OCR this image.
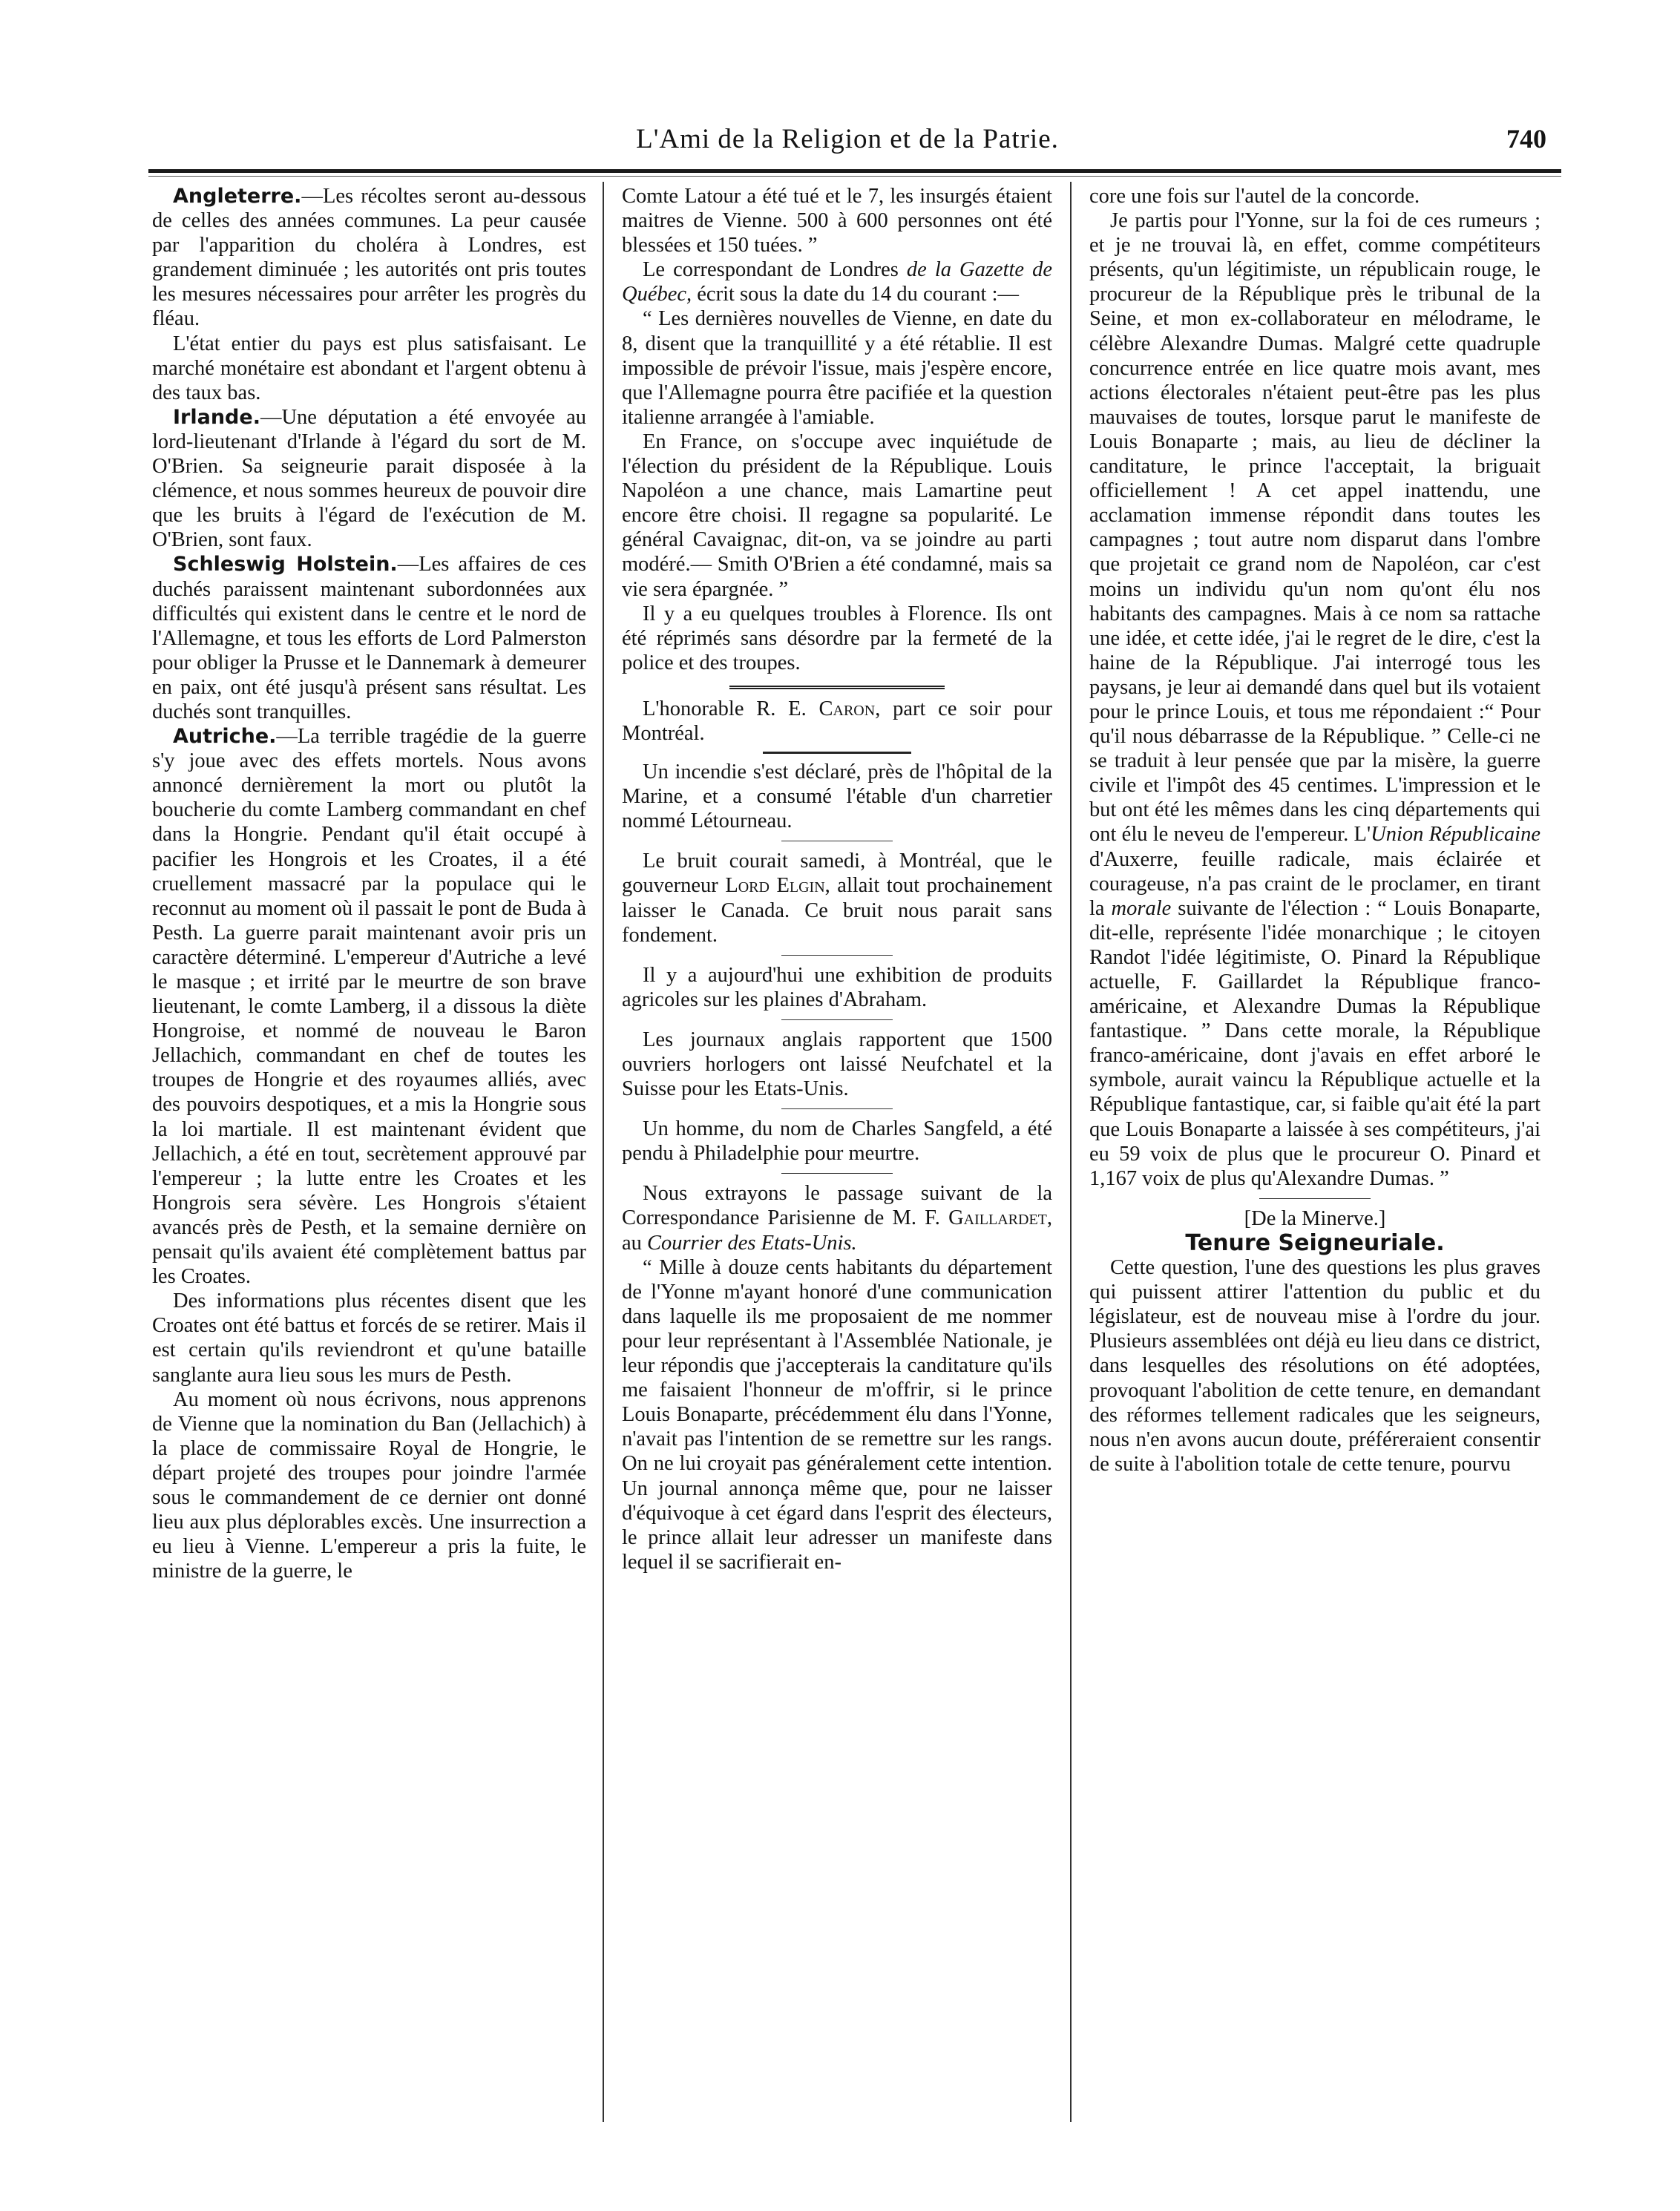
L'Ami de la Religion et de la Patrie.	740

Angleterre.—Les récoltes seront au-dessous de celles des années communes. La peur causée par l'apparition du choléra à Londres, est grandement diminuée ; les autorités ont pris toutes les mesures nécessaires pour arrêter les progrès du fléau.

L'état entier du pays est plus satisfaisant. Le marché monétaire est abondant et l'argent obtenu à des taux bas.

Irlande.—Une députation a été envoyée au lord-lieutenant d'Irlande à l'égard du sort de M. O'Brien. Sa seigneurie parait disposée à la clémence, et nous sommes heureux de pouvoir dire que les bruits à l'égard de l'exécution de M. O'Brien, sont faux.

Schleswig Holstein.—Les affaires de ces duchés paraissent maintenant subordonnées aux difficultés qui existent dans le centre et le nord de l'Allemagne, et tous les efforts de Lord Palmerston pour obliger la Prusse et le Dannemark à demeurer en paix, ont été jusqu'à présent sans résultat. Les duchés sont tranquilles.

Autriche.—La terrible tragédie de la guerre s'y joue avec des effets mortels. Nous avons annoncé dernièrement la mort ou plutôt la boucherie du comte Lamberg commandant en chef dans la Hongrie. Pendant qu'il était occupé à pacifier les Hongrois et les Croates, il a été cruellement massacré par la populace qui le reconnut au moment où il passait le pont de Buda à Pesth. La guerre parait maintenant avoir pris un caractère déterminé. L'empereur d'Autriche a levé le masque ; et irrité par le meurtre de son brave lieutenant, le comte Lamberg, il a dissous la diète Hongroise, et nommé de nouveau le Baron Jellachich, commandant en chef de toutes les troupes de Hongrie et des royaumes alliés, avec des pouvoirs despotiques, et a mis la Hongrie sous la loi martiale. Il est maintenant évident que Jellachich, a été en tout, secrètement approuvé par l'empereur ; la lutte entre les Croates et les Hongrois sera sévère. Les Hongrois s'étaient avancés près de Pesth, et la semaine dernière on pensait qu'ils avaient été complètement battus par les Croates.

Des informations plus récentes disent que les Croates ont été battus et forcés de se retirer. Mais il est certain qu'ils reviendront et qu'une bataille sanglante aura lieu sous les murs de Pesth.

Au moment où nous écrivons, nous apprenons de Vienne que la nomination du Ban (Jellachich) à la place de commissaire Royal de Hongrie, le départ projeté des troupes pour joindre l'armée sous le commandement de ce dernier ont donné lieu aux plus déplorables excès. Une insurrection a eu lieu à Vienne. L'empereur a pris la fuite, le ministre de la guerre, le

Comte Latour a été tué et le 7, les insurgés étaient maitres de Vienne. 500 à 600 personnes ont été blessées et 150 tuées. ”

Le correspondant de Londres de la Gazette de Québec, écrit sous la date du 14 du courant :—

“ Les dernières nouvelles de Vienne, en date du 8, disent que la tranquillité y a été rétablie. Il est impossible de prévoir l'issue, mais j'espère encore, que l'Allemagne pourra être pacifiée et la question italienne arrangée à l'amiable.

En France, on s'occupe avec inquiétude de l'élection du président de la République. Louis Napoléon a une chance, mais Lamartine peut encore être choisi. Il regagne sa popularité. Le général Cavaignac, dit-on, va se joindre au parti modéré.— Smith O'Brien a été condamné, mais sa vie sera épargnée. ”

Il y a eu quelques troubles à Florence. Ils ont été réprimés sans désordre par la fermeté de la police et des troupes.

L'honorable R. E. Caron, part ce soir pour Montréal.

Un incendie s'est déclaré, près de l'hôpital de la Marine, et a consumé l'étable d'un charretier nommé Létourneau.

Le bruit courait samedi, à Montréal, que le gouverneur Lord Elgin, allait tout prochainement laisser le Canada. Ce bruit nous parait sans fondement.

Il y a aujourd'hui une exhibition de produits agricoles sur les plaines d'Abraham.

Les journaux anglais rapportent que 1500 ouvriers horlogers ont laissé Neufchatel et la Suisse pour les Etats-Unis.

Un homme, du nom de Charles Sangfeld, a été pendu à Philadelphie pour meurtre.

Nous extrayons le passage suivant de la Correspondance Parisienne de M. F. Gaillardet, au Courrier des Etats-Unis.

“ Mille à douze cents habitants du département de l'Yonne m'ayant honoré d'une communication dans laquelle ils me proposaient de me nommer pour leur représentant à l'Assemblée Nationale, je leur répondis que j'accepterais la canditature qu'ils me faisaient l'honneur de m'offrir, si le prince Louis Bonaparte, précédemment élu dans l'Yonne, n'avait pas l'intention de se remettre sur les rangs. On ne lui croyait pas généralement cette intention. Un journal annonça même que, pour ne laisser d'équivoque à cet égard dans l'esprit des électeurs, le prince allait leur adresser un manifeste dans lequel il se sacrifierait en-

core une fois sur l'autel de la concorde.

Je partis pour l'Yonne, sur la foi de ces rumeurs ; et je ne trouvai là, en effet, comme compétiteurs présents, qu'un légitimiste, un républicain rouge, le procureur de la République près le tribunal de la Seine, et mon ex-collaborateur en mélodrame, le célèbre Alexandre Dumas. Malgré cette quadruple concurrence entrée en lice quatre mois avant, mes actions électorales n'étaient peut-être pas les plus mauvaises de toutes, lorsque parut le manifeste de Louis Bonaparte ; mais, au lieu de décliner la canditature, le prince l'acceptait, la briguait officiellement ! A cet appel inattendu, une acclamation immense répondit dans toutes les campagnes ; tout autre nom disparut dans l'ombre que projetait ce grand nom de Napoléon, car c'est moins un individu qu'un nom qu'ont élu nos habitants des campagnes. Mais à ce nom sa rattache une idée, et cette idée, j'ai le regret de le dire, c'est la haine de la République. J'ai interrogé tous les paysans, je leur ai demandé dans quel but ils votaient pour le prince Louis, et tous me répondaient :“ Pour qu'il nous débarrasse de la République. ” Celle-ci ne se traduit à leur pensée que par la misère, la guerre civile et l'impôt des 45 centimes. L'impression et le but ont été les mêmes dans les cinq départements qui ont élu le neveu de l'empereur. L'Union Républicaine d'Auxerre, feuille radicale, mais éclairée et courageuse, n'a pas craint de le proclamer, en tirant la morale suivante de l'élection : “ Louis Bonaparte, dit-elle, représente l'idée monarchique ; le citoyen Randot l'idée légitimiste, O. Pinard la République actuelle, F. Gaillardet la République franco-américaine, et Alexandre Dumas la République fantastique. ” Dans cette morale, la République franco-américaine, dont j'avais en effet arboré le symbole, aurait vaincu la République actuelle et la République fantastique, car, si faible qu'ait été la part que Louis Bonaparte a laissée à ses compétiteurs, j'ai eu 59 voix de plus que le procureur O. Pinard et 1,167 voix de plus qu'Alexandre Dumas. ”

[De la Minerve.]

Tenure Seigneuriale.

Cette question, l'une des questions les plus graves qui puissent attirer l'attention du public et du législateur, est de nouveau mise à l'ordre du jour. Plusieurs assemblées ont déjà eu lieu dans ce district, dans lesquelles des résolutions on été adoptées, provoquant l'abolition de cette tenure, en demandant des réformes tellement radicales que les seigneurs, nous n'en avons aucun doute, préféreraient consentir de suite à l'abolition totale de cette tenure, pourvu
